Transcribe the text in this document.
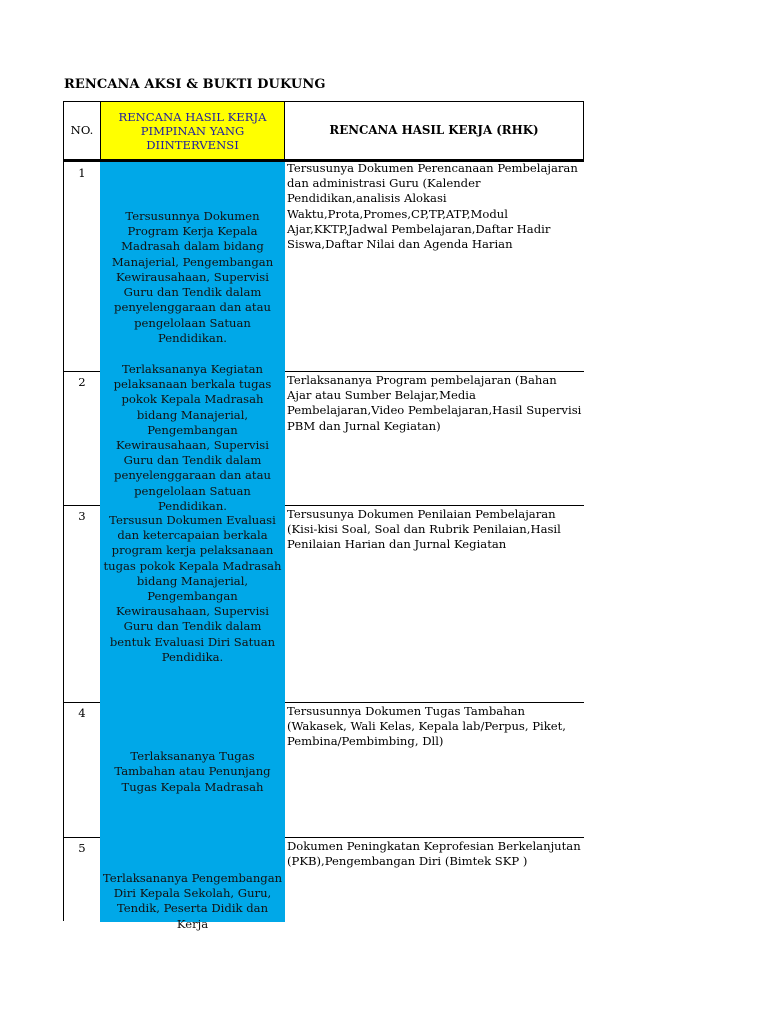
RENCANA AKSI & BUKTI DUKUNG
NO.
RENCANA HASIL KERJA PIMPINAN YANG DIINTERVENSI
RENCANA HASIL KERJA (RHK)
1
Tersusunnya Dokumen Program Kerja Kepala Madrasah dalam bidang Manajerial, Pengembangan Kewirausahaan, Supervisi Guru dan Tendik dalam penyelenggaraan dan atau pengelolaan Satuan Pendidikan.
Tersusunya Dokumen Perencanaan Pembelajaran dan administrasi Guru (Kalender Pendidikan,analisis Alokasi Waktu,Prota,Promes,CP,TP,ATP,Modul Ajar,KKTP,Jadwal Pembelajaran,Daftar Hadir Siswa,Daftar Nilai dan Agenda Harian
2
Terlaksananya Kegiatan pelaksanaan berkala tugas pokok Kepala Madrasah bidang Manajerial, Pengembangan Kewirausahaan, Supervisi Guru dan Tendik dalam penyelenggaraan dan atau pengelolaan Satuan Pendidikan.
Terlaksananya Program pembelajaran (Bahan Ajar atau Sumber Belajar,Media Pembelajaran,Video Pembelajaran,Hasil Supervisi PBM dan Jurnal Kegiatan)
3	Tersusun Dokumen Evaluasi dan ketercapaian berkala program kerja pelaksanaan tugas pokok Kepala Madrasah bidang Manajerial, Pengembangan Kewirausahaan, Supervisi Guru dan Tendik dalam bentuk Evaluasi Diri Satuan Pendidika.
Tersusunya Dokumen Penilaian Pembelajaran (Kisi-kisi Soal, Soal dan Rubrik Penilaian,Hasil Penilaian Harian dan Jurnal Kegiatan
4
Terlaksananya Tugas Tambahan atau Penunjang Tugas Kepala Madrasah
Tersusunnya Dokumen Tugas Tambahan (Wakasek, Wali Kelas, Kepala lab/Perpus, Piket, Pembina/Pembimbing, Dll)
5
Terlaksananya Pengembangan Diri Kepala Sekolah, Guru, Tendik, Peserta Didik dan Kerja
Dokumen Peningkatan Keprofesian Berkelanjutan (PKB),Pengembangan Diri (Bimtek SKP )
